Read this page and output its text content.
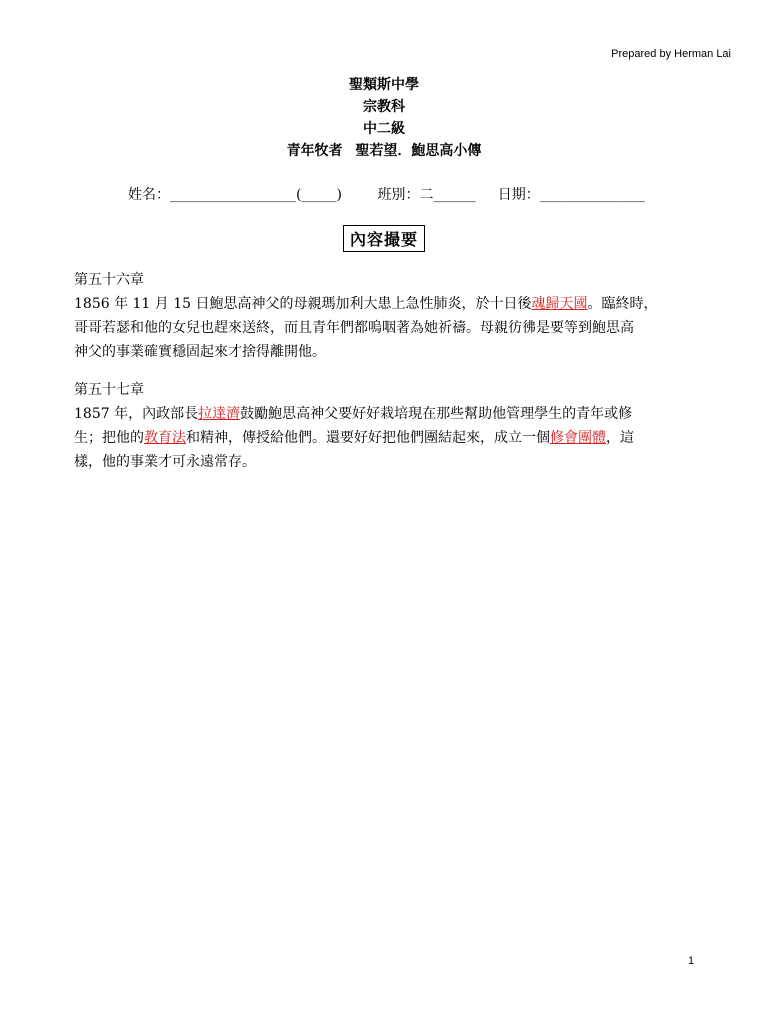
Prepared by Herman Lai
聖類斯中學
宗教科
中二級
青年牧者 聖若望．鮑思高小傳
姓名：__________________(_____)        班別：二______     日期：_______________
內容撮要
第五十六章
1856 年 11 月 15 日鮑思高神父的母親瑪加利大患上急性肺炎，於十日後魂歸天國。臨終時，
哥哥若瑟和他的女兒也趕來送終，而且青年們都嗚咽著為她祈禱。母親彷彿是要等到鮑思高
神父的事業確實穩固起來才捨得離開他。
第五十七章
1857 年，內政部長拉達濟鼓勵鮑思高神父要好好栽培現在那些幫助他管理學生的青年或修
生；把他的教育法和精神，傳授給他們。還要好好把他們團結起來，成立一個修會團體，這
樣，他的事業才可永遠常存。
1
